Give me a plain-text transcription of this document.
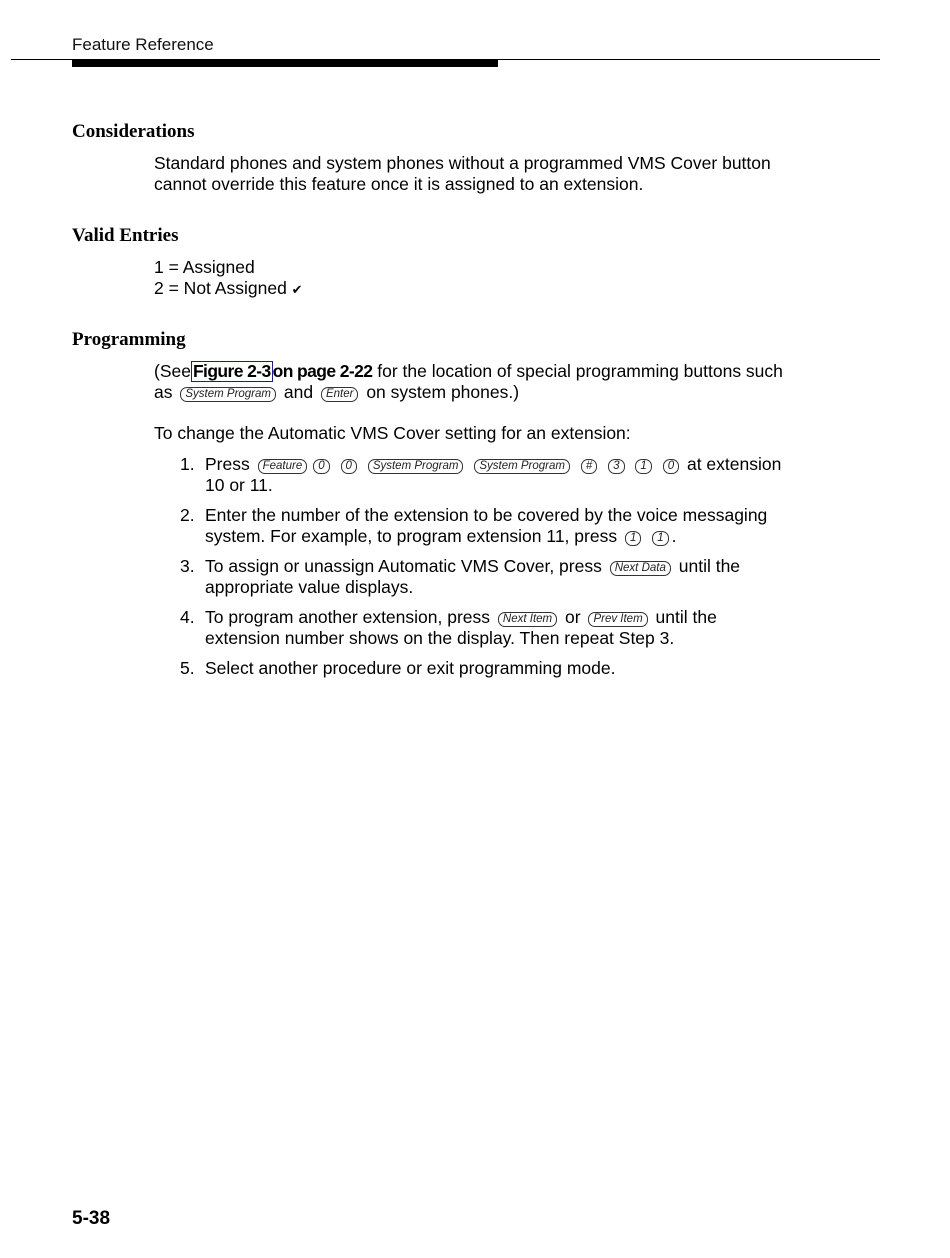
Feature Reference
Considerations

Standard phones and system phones without a programmed VMS Cover button cannot override this feature once it is assigned to an extension.

Valid Entries

1 = Assigned

2 = Not Assigned ✔

Programming

(See Figure 2-3 on page 2-22 for the location of special programming buttons such as System Program and Enter on system phones.)

To change the Automatic VMS Cover setting for an extension:

1. Press Feature 0 0 System Program System Program # 3 1 0 at extension 10 or 11.
2. Enter the number of the extension to be covered by the voice messaging system. For example, to program extension 11, press 1 1 .
3. To assign or unassign Automatic VMS Cover, press Next Data until the appropriate value displays.
4. To program another extension, press Next Item or Prev Item until the extension number shows on the display. Then repeat Step 3.
5. Select another procedure or exit programming mode.
5-38
